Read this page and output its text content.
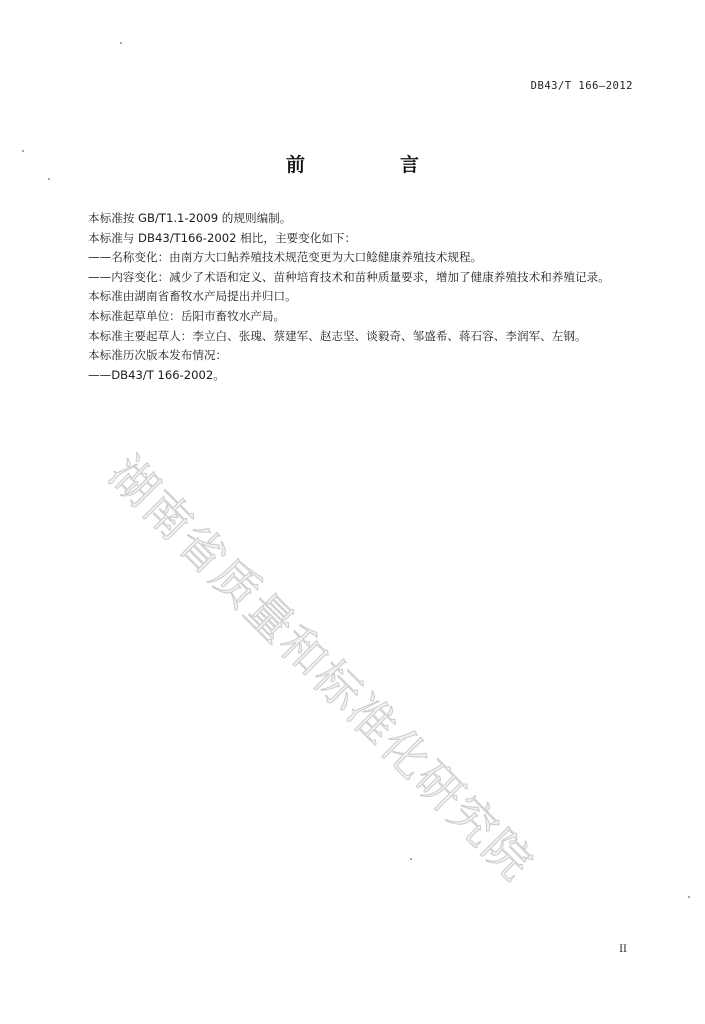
DB43/T 166—2012
前　言

本标准按 GB/T1.1-2009 的规则编制。

本标准与 DB43/T166-2002 相比，主要变化如下：

——名称变化：由南方大口鲇养殖技术规范变更为大口鲶健康养殖技术规程。

——内容变化：减少了术语和定义、苗种培育技术和苗种质量要求，增加了健康养殖技术和养殖记录。

本标准由湖南省畜牧水产局提出并归口。

本标准起草单位：岳阳市畜牧水产局。

本标准主要起草人：李立白、张瑰、蔡建军、赵志坚、谈毅奇、邹盛希、蒋石容、李润军、左钢。

本标准历次版本发布情况：

——DB43/T 166-2002。

湖南省质量和标准化研究院
II
